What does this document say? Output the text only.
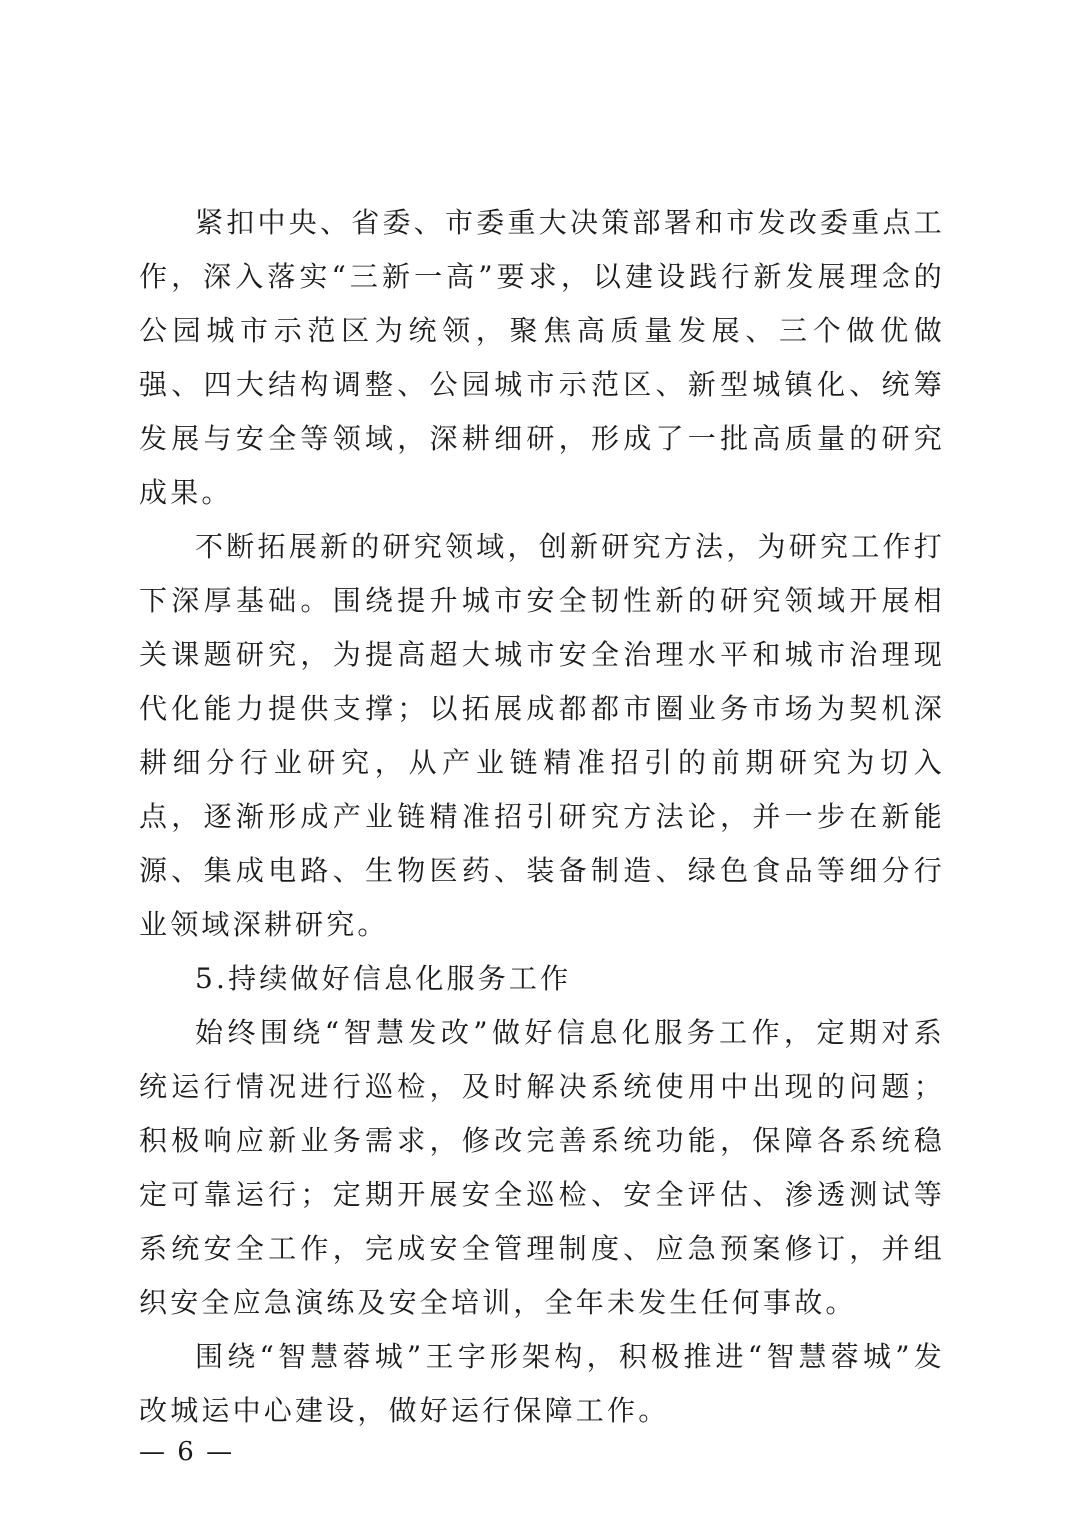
紧扣中央、省委、市委重大决策部署和市发改委重点工作，深入落实“三新一高”要求，以建设践行新发展理念的公园城市示范区为统领，聚焦高质量发展、三个做优做强、四大结构调整、公园城市示范区、新型城镇化、统筹发展与安全等领域，深耕细研，形成了一批高质量的研究成果。

不断拓展新的研究领域，创新研究方法，为研究工作打下深厚基础。围绕提升城市安全韧性新的研究领域开展相关课题研究，为提高超大城市安全治理水平和城市治理现代化能力提供支撑；以拓展成都都市圈业务市场为契机深耕细分行业研究，从产业链精准招引的前期研究为切入点，逐渐形成产业链精准招引研究方法论，并一步在新能源、集成电路、生物医药、装备制造、绿色食品等细分行业领域深耕研究。

5.持续做好信息化服务工作

始终围绕“智慧发改”做好信息化服务工作，定期对系统运行情况进行巡检，及时解决系统使用中出现的问题；积极响应新业务需求，修改完善系统功能，保障各系统稳定可靠运行；定期开展安全巡检、安全评估、渗透测试等系统安全工作，完成安全管理制度、应急预案修订，并组织安全应急演练及安全培训，全年未发生任何事故。

围绕“智慧蓉城”王字形架构，积极推进“智慧蓉城”发改城运中心建设，做好运行保障工作。

— 6 —
